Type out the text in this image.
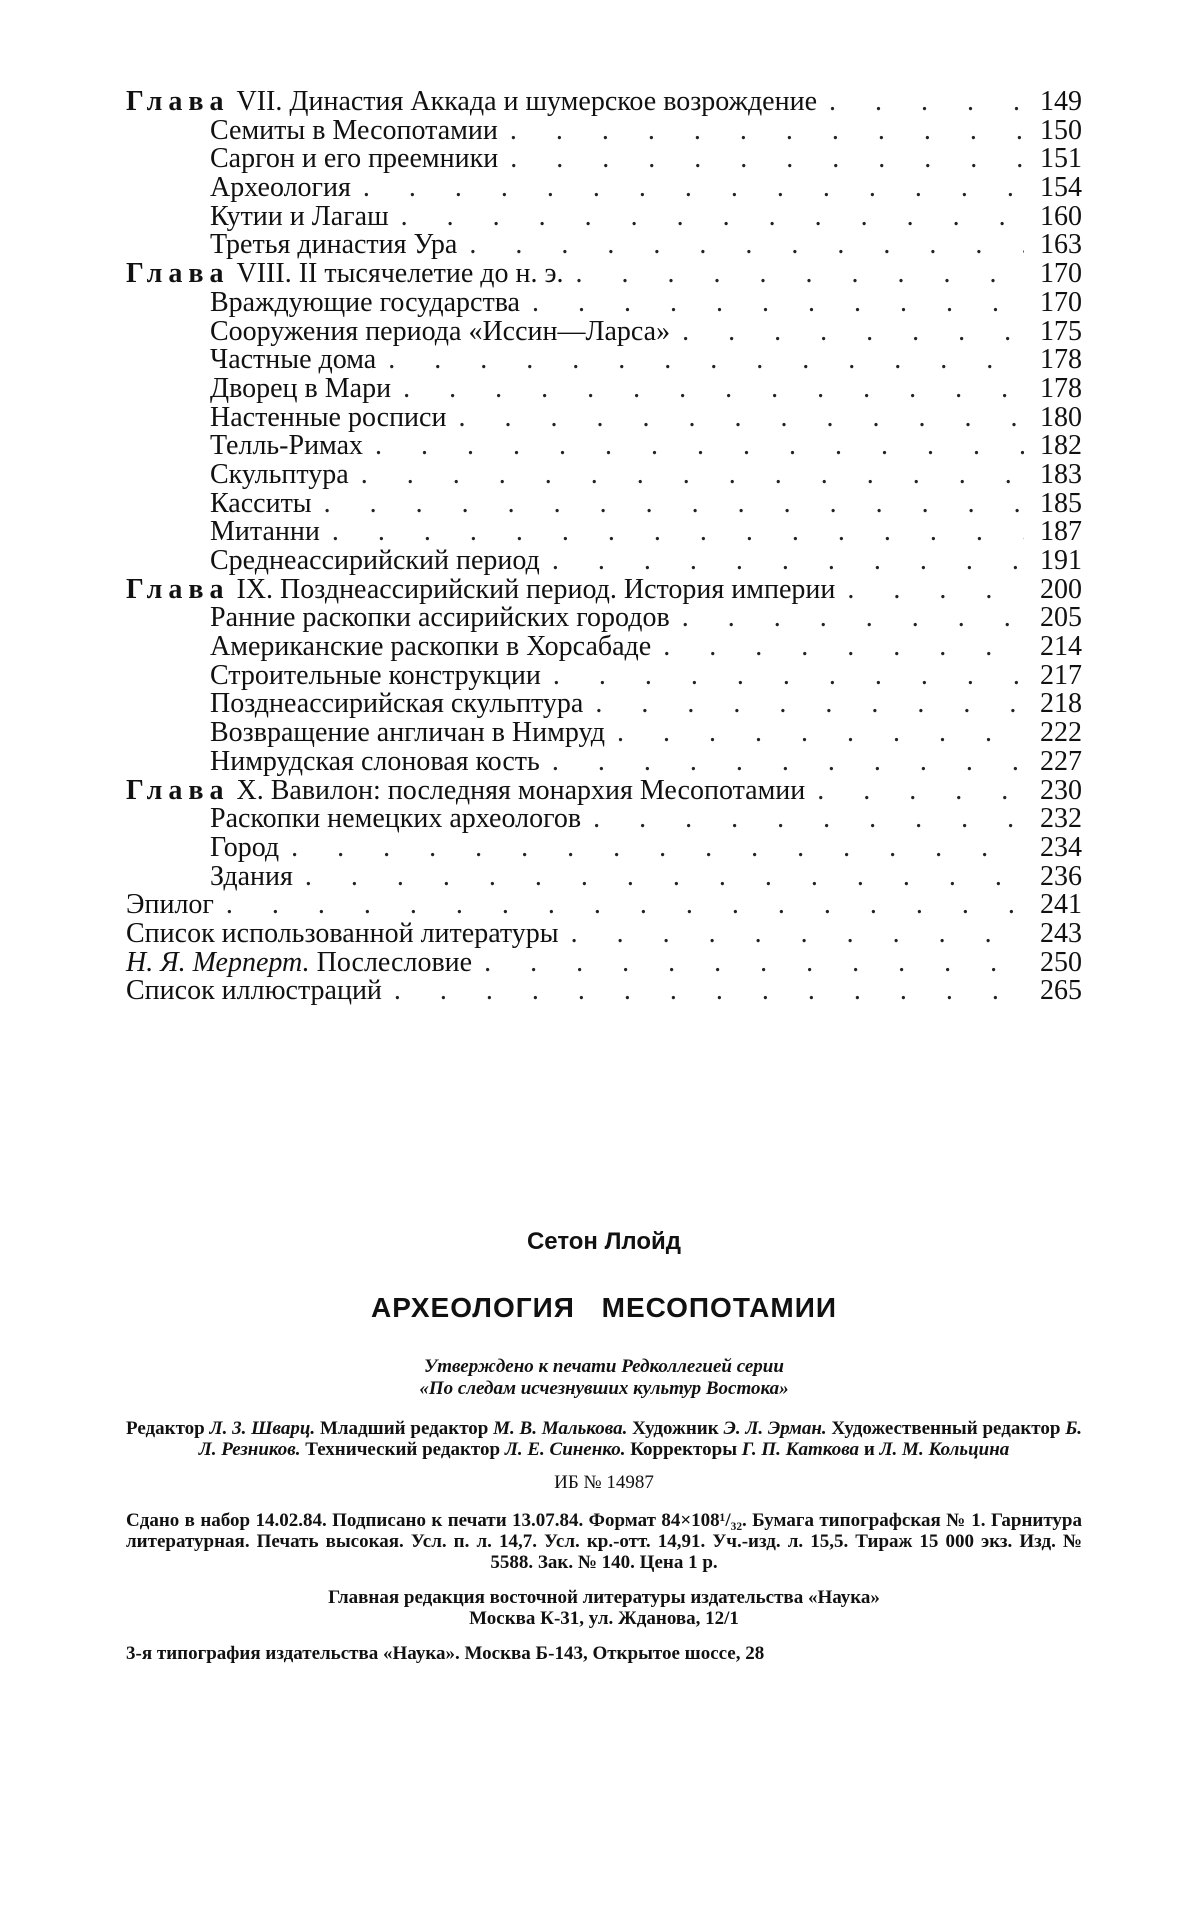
Глава VII. Династия Аккада и шумерское возрождение . . .	149
Семиты в Месопотамии . . .	150
Саргон и его преемники . . .	151
Археология . . .	154
Кутии и Лагаш . . .	160
Третья династия Ура . . .	163
Глава VIII. II тысячелетие до н. э. . . .	170
Враждующие государства . . .	170
Сооружения периода «Иссин—Ларса» . . .	175
Частные дома . . .	178
Дворец в Мари . . .	178
Настенные росписи . . .	180
Телль-Римах . . .	182
Скульптура . . .	183
Касситы . . .	185
Митанни . . .	187
Среднеассирийский период . . .	191
Глава IX. Позднеассирийский период. История империи . . .	200
Ранние раскопки ассирийских городов . . .	205
Американские раскопки в Хорсабаде . . .	214
Строительные конструкции . . .	217
Позднеассирийская скульптура . . .	218
Возвращение англичан в Нимруд . . .	222
Нимрудская слоновая кость . . .	227
Глава X. Вавилон: последняя монархия Месопотамии . . .	230
Раскопки немецких археологов . . .	232
Город . . .	234
Здания . . .	236
Эпилог . . .	241
Список использованной литературы . . .	243
Н. Я. Мерперт. Послесловие . . .	250
Список иллюстраций . . .	265
Сетон Ллойд
АРХЕОЛОГИЯ МЕСОПОТАМИИ
Утверждено к печати Редколлегией серии
«По следам исчезнувших культур Востока»
Редактор Л. 3. Шварц. Младший редактор М. В. Малькова. Художник Э. Л. Эрман. Художественный редактор Б. Л. Резников. Технический редактор Л. Е. Синенко. Корректоры Г. П. Каткова и Л. М. Кольцина
ИБ № 14987
Сдано в набор 14.02.84. Подписано к печати 13.07.84. Формат 84×108¹/₃₂. Бумага типографская № 1. Гарнитура литературная. Печать высокая. Усл. п. л. 14,7. Усл. кр.-отт. 14,91. Уч.-изд. л. 15,5. Тираж 15 000 экз. Изд. № 5588. Зак. № 140. Цена 1 р.
Главная редакция восточной литературы издательства «Наука»
Москва К-31, ул. Жданова, 12/1
3-я типография издательства «Наука». Москва Б-143, Открытое шоссе, 28
